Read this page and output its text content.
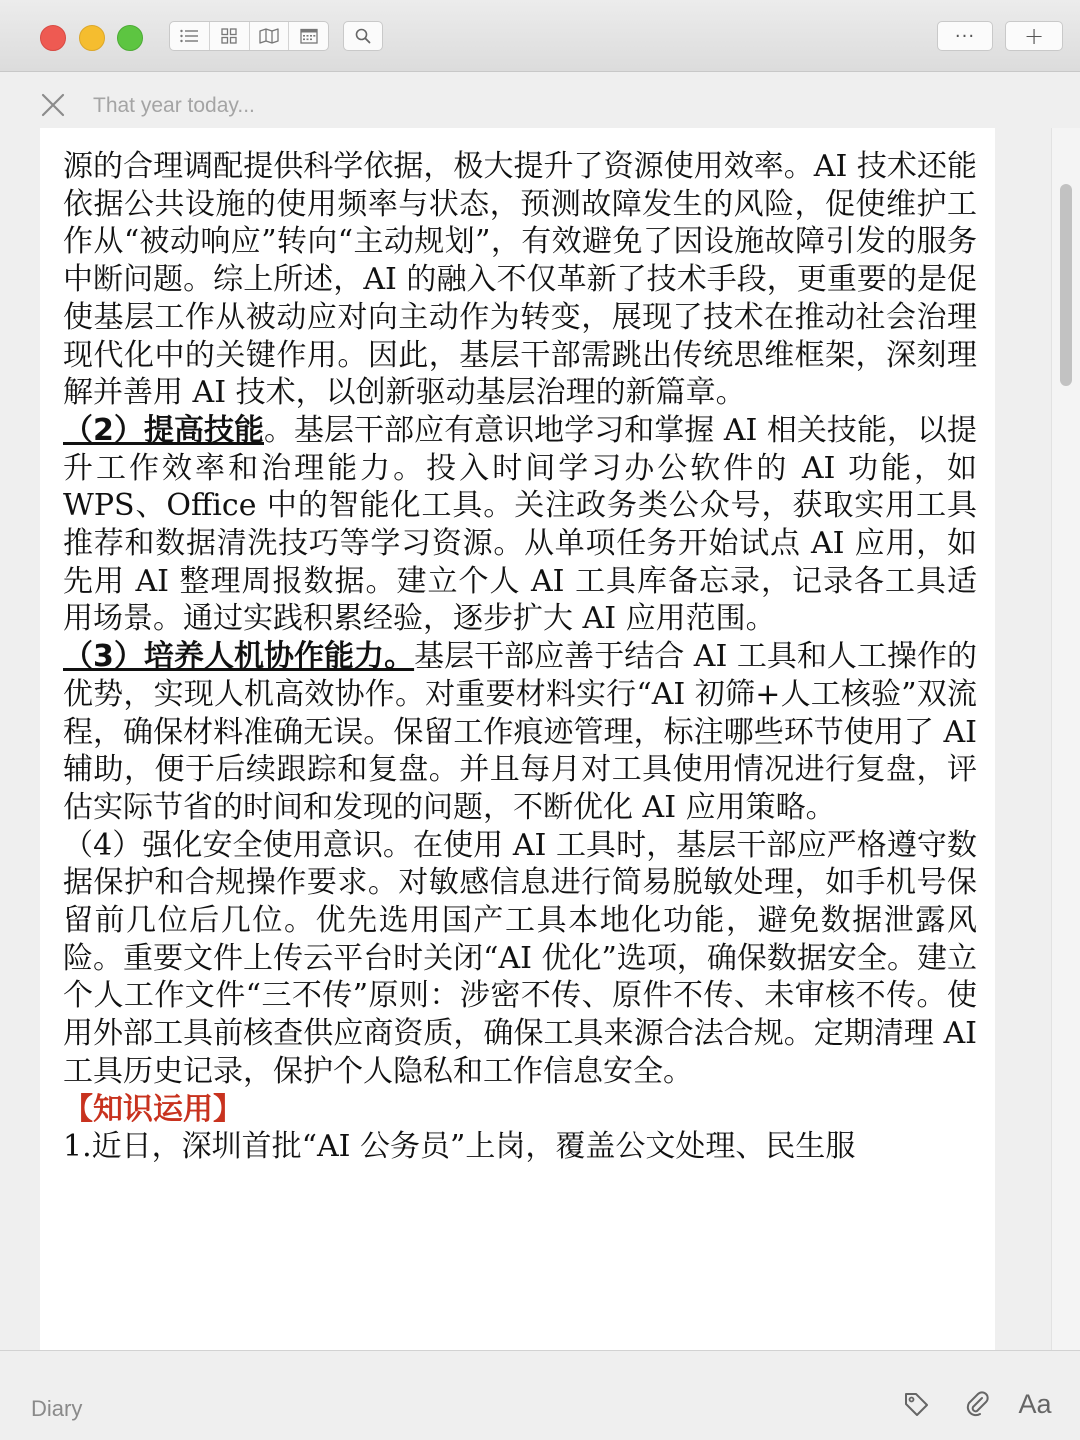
···	+
That year today...

源的合理调配提供科学依据，极大提升了资源使用效率。AI 技术还能依据公共设施的使用频率与状态，预测故障发生的风险，促使维护工作从“被动响应”转向“主动规划”，有效避免了因设施故障引发的服务中断问题。综上所述，AI 的融入不仅革新了技术手段，更重要的是促使基层工作从被动应对向主动作为转变，展现了技术在推动社会治理现代化中的关键作用。因此，基层干部需跳出传统思维框架，深刻理解并善用 AI 技术，以创新驱动基层治理的新篇章。

（2）提高技能。基层干部应有意识地学习和掌握 AI 相关技能，以提升工作效率和治理能力。投入时间学习办公软件的 AI 功能，如 WPS、Office 中的智能化工具。关注政务类公众号，获取实用工具推荐和数据清洗技巧等学习资源。从单项任务开始试点 AI 应用，如先用 AI 整理周报数据。建立个人 AI 工具库备忘录，记录各工具适用场景。通过实践积累经验，逐步扩大 AI 应用范围。

（3）培养人机协作能力。基层干部应善于结合 AI 工具和人工操作的优势，实现人机高效协作。对重要材料实行“AI 初筛+人工核验”双流程，确保材料准确无误。保留工作痕迹管理，标注哪些环节使用了 AI 辅助，便于后续跟踪和复盘。并且每月对工具使用情况进行复盘，评估实际节省的时间和发现的问题，不断优化 AI 应用策略。

（4）强化安全使用意识。在使用 AI 工具时，基层干部应严格遵守数据保护和合规操作要求。对敏感信息进行简易脱敏处理，如手机号保留前几位后几位。优先选用国产工具本地化功能，避免数据泄露风险。重要文件上传云平台时关闭“AI 优化”选项，确保数据安全。建立个人工作文件“三不传”原则：涉密不传、原件不传、未审核不传。使用外部工具前核查供应商资质，确保工具来源合法合规。定期清理 AI 工具历史记录，保护个人隐私和工作信息安全。

【知识运用】

1.近日，深圳首批“AI 公务员”上岗，覆盖公文处理、民生服

Diary	Aa
